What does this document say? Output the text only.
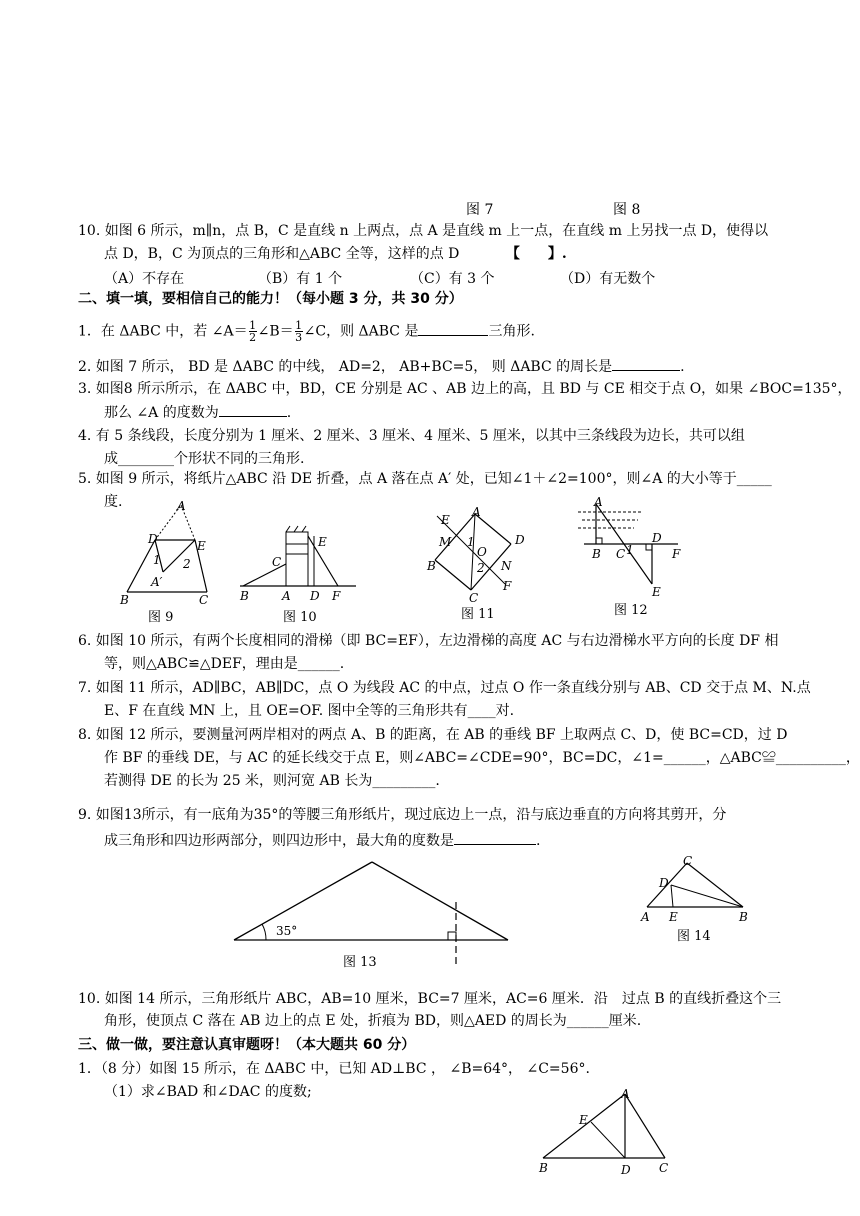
图 7	图 8
10. 如图 6 所示，m∥n，点 B，C 是直线 n 上两点，点 A 是直线 m 上一点，在直线 m 上另找一点 D，使得以
点 D，B，C 为顶点的三角形和△ABC 全等，这样的点 D	【　　】.
（A）不存在	（B）有 1 个	（C）有 3 个	（D）有无数个
二、填一填，要相信自己的能力！（每小题 3 分，共 30 分）
1．在 ΔABC 中，若 ∠A＝ 1
2 ∠B＝ 1
3 ∠C，则 ΔABC 是	三角形.
2. 如图 7 所示， BD 是 ΔABC 的中线， AD=2， AB+BC=5， 则 ΔABC 的周长是	.
3. 如图8 所示所示，在 ΔABC 中，BD，CE 分别是 AC 、AB 边上的高，且 BD 与 CE 相交于点 O，如果 ∠BOC=135°，
那么 ∠A 的度数为	.
4. 有 5 条线段，长度分别为 1 厘米、2 厘米、3 厘米、4 厘米、5 厘米，以其中三条线段为边长，共可以组
成________个形状不同的三角形.
5. 如图 9 所示，将纸片△ABC 沿 DE 折叠，点 A 落在点 A′ 处，已知∠1＋∠2=100°，则∠A 的大小等于_____
度.	A
D	E
1 2
A′
B	C
图 9
C
E
B	A D F
图 10
E
A
D
M
O
1
2 N
B
F
C
图 11
A
B C 1
D
F
E
图 12
6. 如图 10 所示，有两个长度相同的滑梯（即 BC=EF），左边滑梯的高度 AC 与右边滑梯水平方向的长度 DF 相
等，则△ABC≌△DEF，理由是______.
7. 如图 11 所示，AD∥BC，AB∥DC，点 O 为线段 AC 的中点，过点 O 作一条直线分别与 AB、CD 交于点 M、N.点
E、F 在直线 MN 上，且 OE=OF. 图中全等的三角形共有____对.
8. 如图 12 所示，要测量河两岸相对的两点 A、B 的距离，在 AB 的垂线 BF 上取两点 C、D，使 BC=CD，过 D
作 BF 的垂线 DE，与 AC 的延长线交于点 E，则∠ABC=∠CDE=90°，BC=DC，∠1=______，△ABC≌__________，
若测得 DE 的长为 25 米，则河宽 AB 长为_________.
9. 如图13所示，有一底角为35°的等腰三角形纸片，现过底边上一点，沿与底边垂直的方向将其剪开，分
成三角形和四边形两部分，则四边形中，最大角的度数是	.
35°
图 13
C
D
A E	B
图 14
10. 如图 14 所示，三角形纸片 ABC，AB=10 厘米，BC=7 厘米，AC=6 厘米．沿　过点 B 的直线折叠这个三
角形，使顶点 C 落在 AB 边上的点 E 处，折痕为 BD，则△AED 的周长为______厘米.
三、做一做，要注意认真审题呀！（本大题共 60 分）
1．（8 分）如图 15 所示，在 ΔABC 中，已知 AD⊥BC ， ∠B=64°， ∠C=56°.
（1）求∠BAD 和∠DAC 的度数;	A
E
B	D C
